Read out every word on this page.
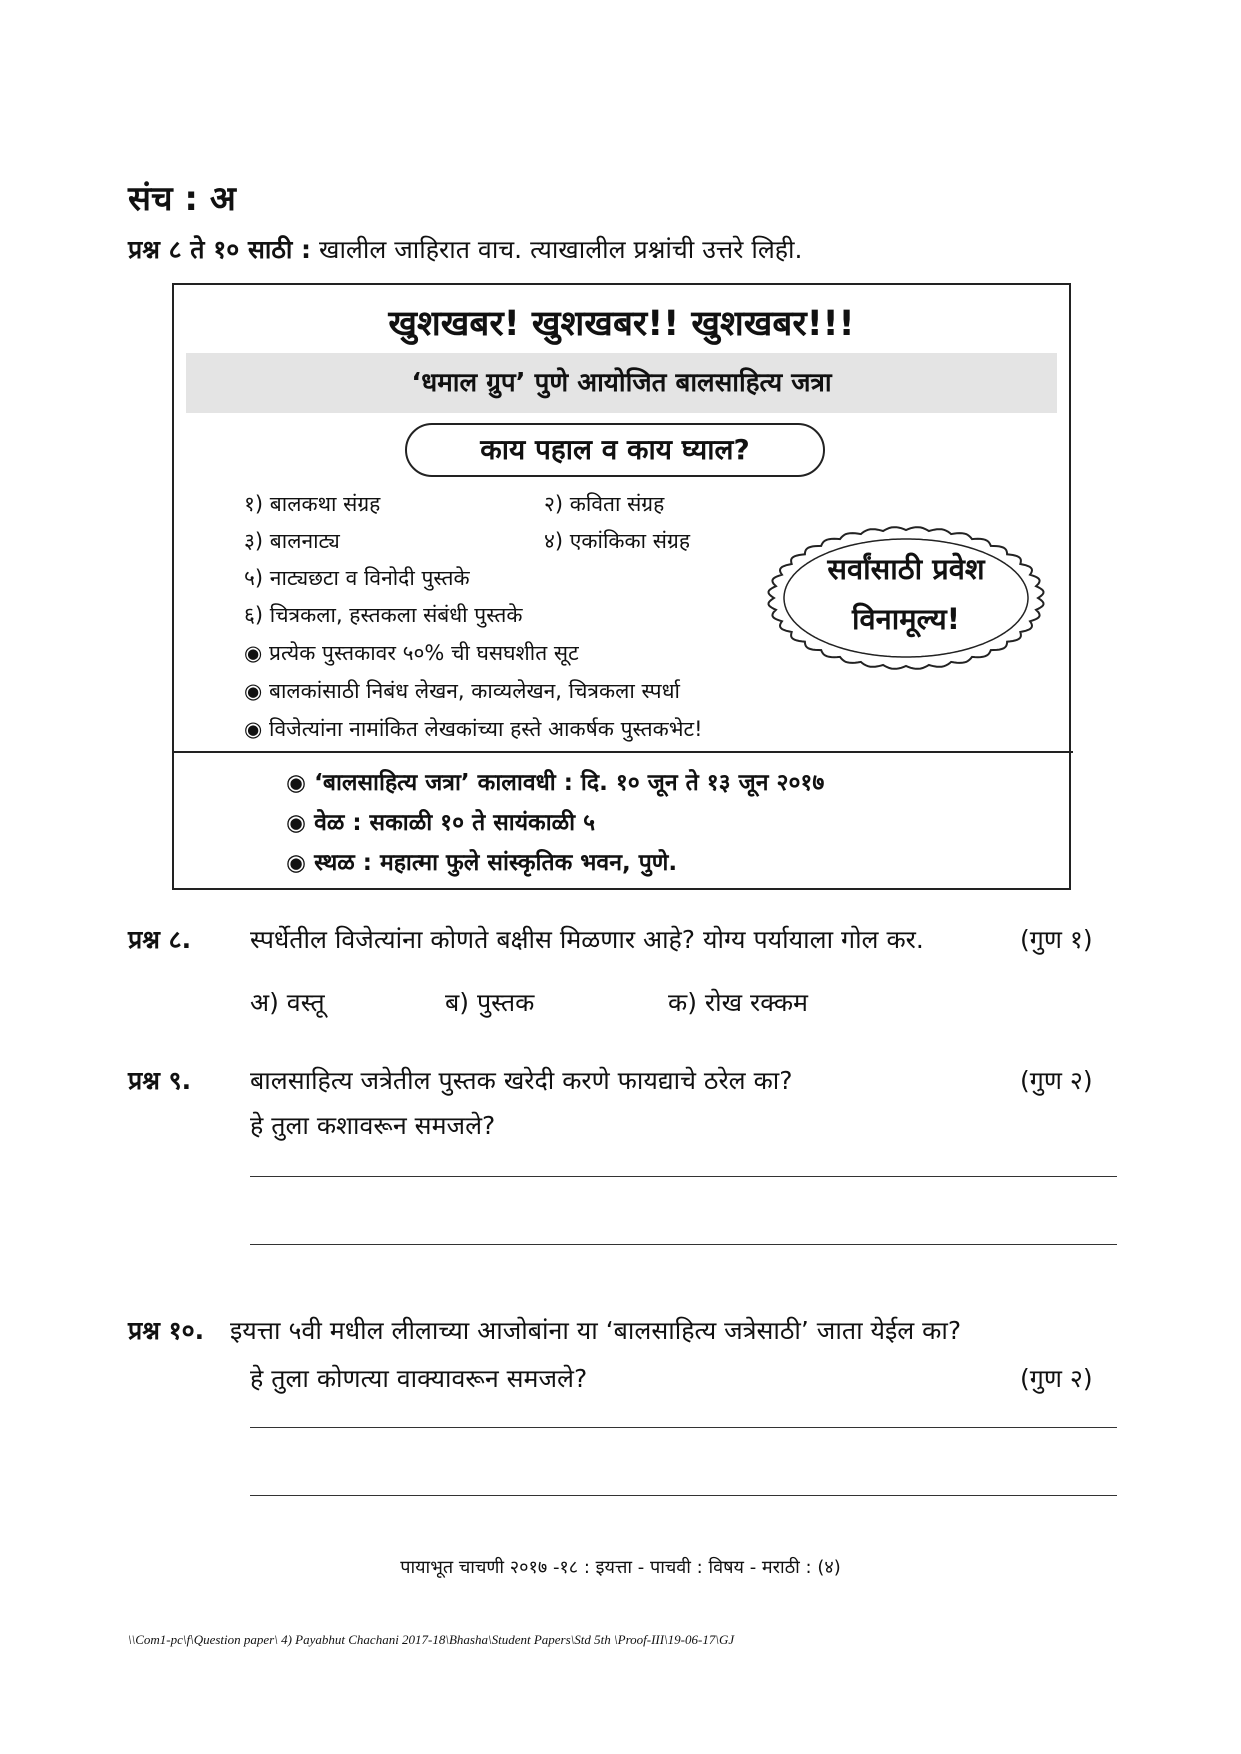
संच : अ
प्रश्न ८ ते १० साठी : खालील जाहिरात वाच. त्याखालील प्रश्नांची उत्तरे लिही.
खुशखबर! खुशखबर!! खुशखबर!!!
‘धमाल ग्रुप’ पुणे आयोजित बालसाहित्य जत्रा
काय पहाल व काय घ्याल?
१) बालकथा संग्रह	२) कविता संग्रह
३) बालनाट्य	४) एकांकिका संग्रह
५) नाट्यछटा व विनोदी पुस्तके
६) चित्रकला, हस्तकला संबंधी पुस्तके
◉ प्रत्येक पुस्तकावर ५०% ची घसघशीत सूट
◉ बालकांसाठी निबंध लेखन, काव्यलेखन, चित्रकला स्पर्धा
◉ विजेत्यांना नामांकित लेखकांच्या हस्ते आकर्षक पुस्तकभेट!
सर्वांसाठी प्रवेश
विनामूल्य!
◉ ‘बालसाहित्य जत्रा’ कालावधी : दि. १० जून ते १३ जून २०१७
◉ वेळ : सकाळी १० ते सायंकाळी ५
◉ स्थळ : महात्मा फुले सांस्कृतिक भवन, पुणे.
प्रश्न ८. स्पर्धेतील विजेत्यांना कोणते बक्षीस मिळणार आहे? योग्य पर्यायाला गोल कर.	(गुण १)
अ) वस्तू	ब) पुस्तक	क) रोख रक्कम
प्रश्न ९. बालसाहित्य जत्रेतील पुस्तक खरेदी करणे फायद्याचे ठरेल का?	(गुण २)
हे तुला कशावरून समजले?
प्रश्न १०. इयत्ता ५वी मधील लीलाच्या आजोबांना या ‘बालसाहित्य जत्रेसाठी’ जाता येईल का?
हे तुला कोणत्या वाक्यावरून समजले?	(गुण २)
पायाभूत चाचणी २०१७ -१८ : इयत्ता - पाचवी : विषय - मराठी : (४)
\\Com1-pc\f\Question paper\ 4) Payabhut Chachani 2017-18\Bhasha\Student Papers\Std 5th \Proof-III\19-06-17\GJ
